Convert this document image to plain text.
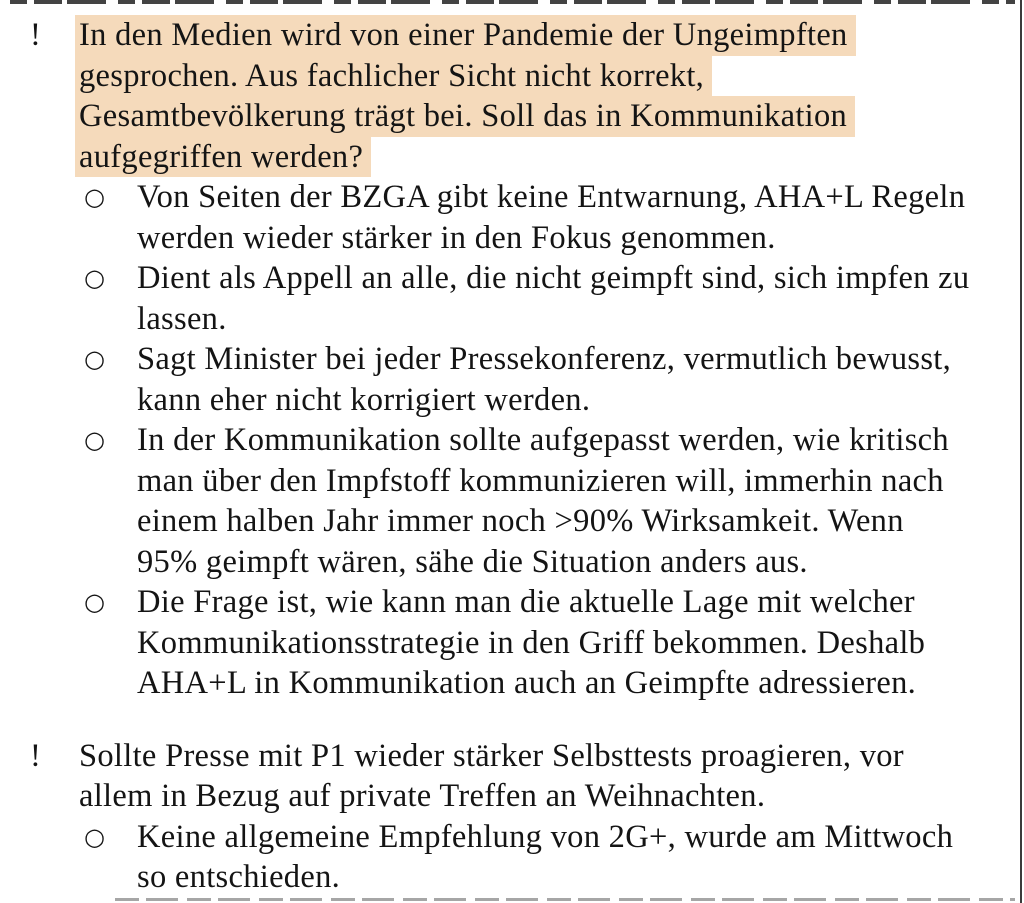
! In den Medien wird von einer Pandemie der Ungeimpften
gesprochen. Aus fachlicher Sicht nicht korrekt,
Gesamtbevölkerung trägt bei. Soll das in Kommunikation
aufgegriffen werden?
○ Von Seiten der BZGA gibt keine Entwarnung, AHA+L Regeln
werden wieder stärker in den Fokus genommen.
○ Dient als Appell an alle, die nicht geimpft sind, sich impfen zu
lassen.
○ Sagt Minister bei jeder Pressekonferenz, vermutlich bewusst,
kann eher nicht korrigiert werden.
○ In der Kommunikation sollte aufgepasst werden, wie kritisch
man über den Impfstoff kommunizieren will, immerhin nach
einem halben Jahr immer noch >90% Wirksamkeit. Wenn
95% geimpft wären, sähe die Situation anders aus.
○ Die Frage ist, wie kann man die aktuelle Lage mit welcher
Kommunikationsstrategie in den Griff bekommen. Deshalb
AHA+L in Kommunikation auch an Geimpfte adressieren.
! Sollte Presse mit P1 wieder stärker Selbsttests proagieren, vor
allem in Bezug auf private Treffen an Weihnachten.
○ Keine allgemeine Empfehlung von 2G+, wurde am Mittwoch
so entschieden.
